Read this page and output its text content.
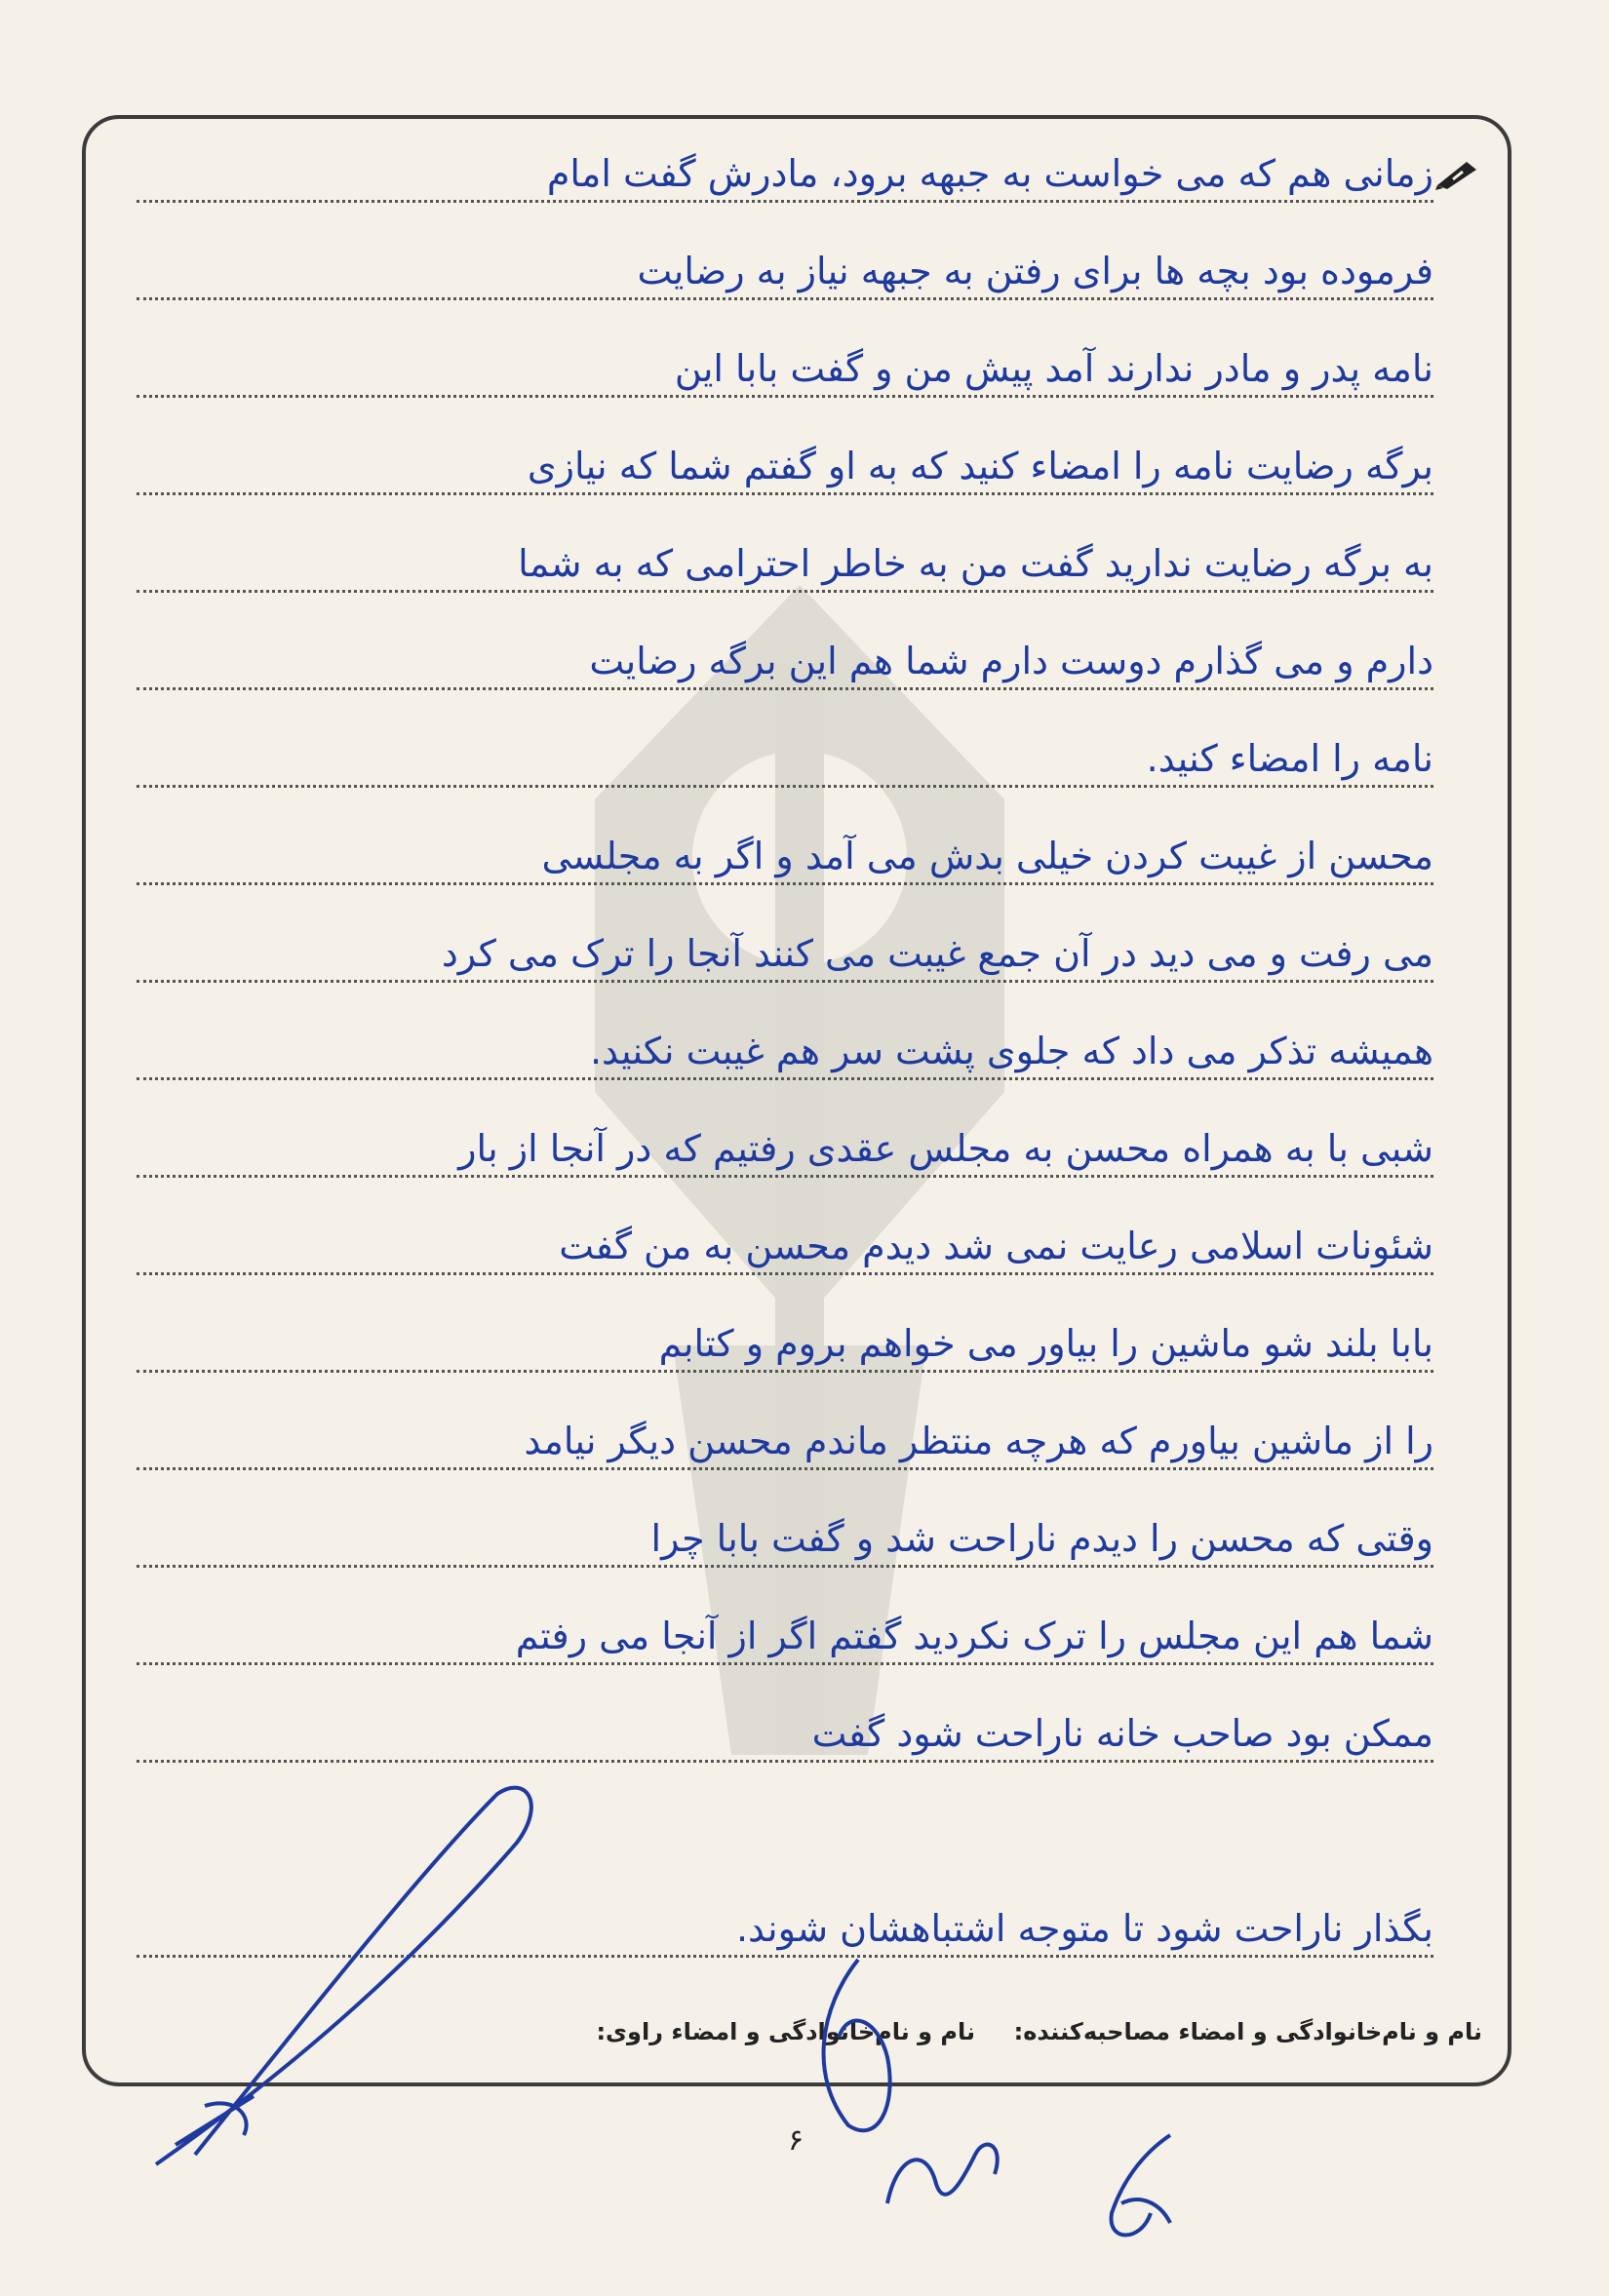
زمانی هم که می خواست به جبهه برود، مادرش گفت امام
فرموده بود بچه ها برای رفتن به جبهه نیاز به رضایت
نامه پدر و مادر ندارند آمد پیش من و گفت بابا این
برگه رضایت نامه را امضاء کنید که به او گفتم شما که نیازی
به برگه رضایت ندارید گفت من به خاطر احترامی که به شما
دارم و می گذارم دوست دارم شما هم این برگه رضایت
نامه را امضاء کنید.
محسن از غیبت کردن خیلی بدش می آمد و اگر به مجلسی
می رفت و می دید در آن جمع غیبت می کنند آنجا را ترک می کرد
همیشه تذکر می داد که جلوی پشت سر هم غیبت نکنید.
شبی با به همراه محسن به مجلس عقدی رفتیم که در آنجا از بار
شئونات اسلامی رعایت نمی شد دیدم محسن به من گفت
بابا بلند شو ماشین را بیاور می خواهم بروم و کتابم
را از ماشین بیاورم که هرچه منتظر ماندم محسن دیگر نیامد
وقتی که محسن را دیدم ناراحت شد و گفت بابا چرا
شما هم این مجلس را ترک نکردید گفتم اگر از آنجا می رفتم
ممکن بود صاحب خانه ناراحت شود گفت
بگذار ناراحت شود تا متوجه اشتباهشان شوند.
نام و نام‌خانوادگی و امضاء مصاحبه‌کننده:
نام و نام‌خانوادگی و امضاء راوی:
۶
